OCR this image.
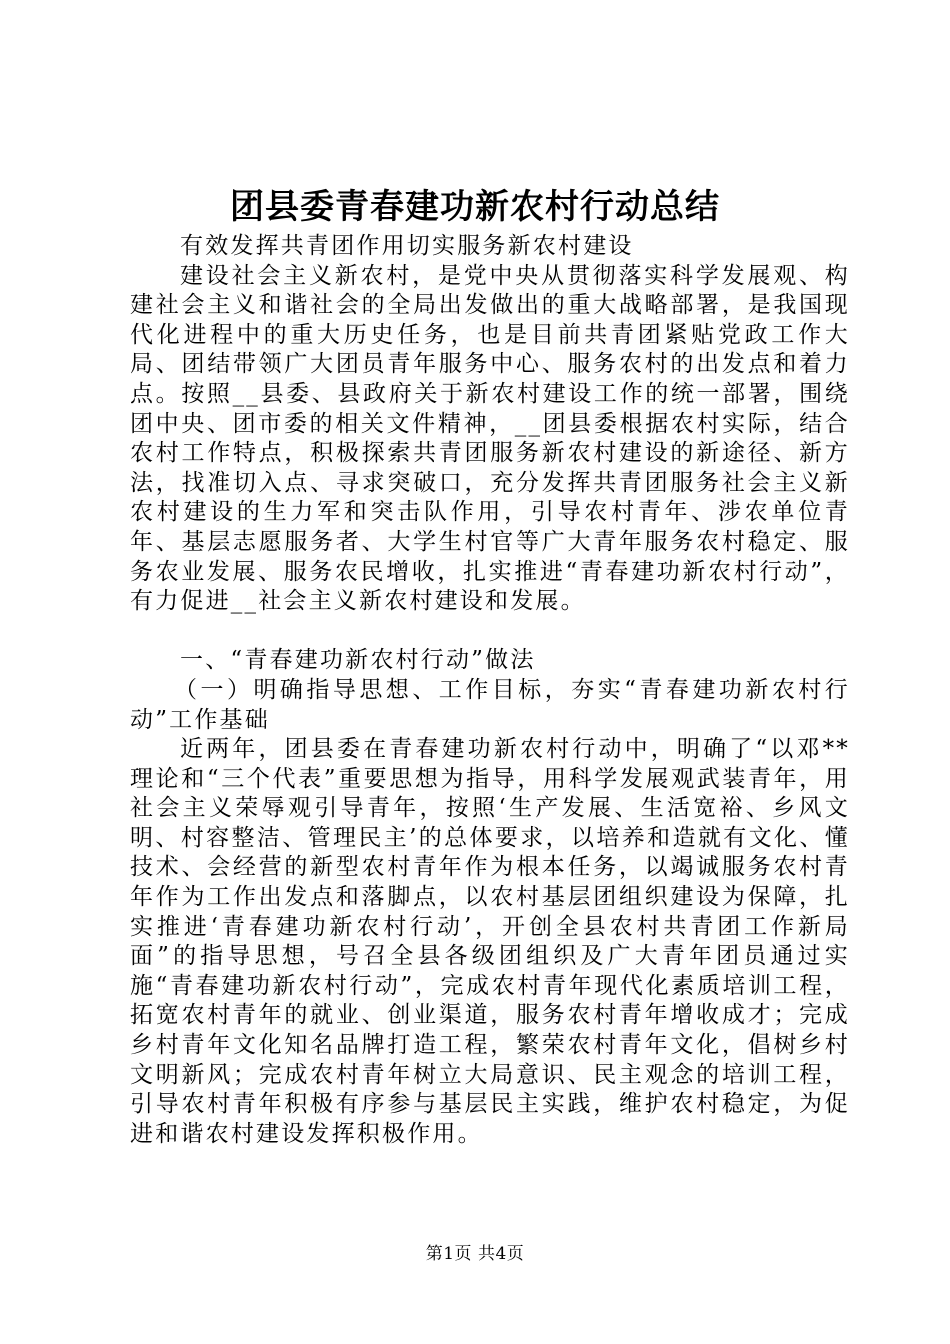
团县委青春建功新农村行动总结

有效发挥共青团作用切实服务新农村建设

建设社会主义新农村，是党中央从贯彻落实科学发展观、构建社会主义和谐社会的全局出发做出的重大战略部署，是我国现代化进程中的重大历史任务，也是目前共青团紧贴党政工作大局、团结带领广大团员青年服务中心、服务农村的出发点和着力点。按照__县委、县政府关于新农村建设工作的统一部署，围绕团中央、团市委的相关文件精神，__团县委根据农村实际，结合农村工作特点，积极探索共青团服务新农村建设的新途径、新方法，找准切入点、寻求突破口，充分发挥共青团服务社会主义新农村建设的生力军和突击队作用，引导农村青年、涉农单位青年、基层志愿服务者、大学生村官等广大青年服务农村稳定、服务农业发展、服务农民增收，扎实推进“青春建功新农村行动”，有力促进__社会主义新农村建设和发展。

一、“青春建功新农村行动”做法

（一）明确指导思想、工作目标，夯实“青春建功新农村行动”工作基础

近两年，团县委在青春建功新农村行动中，明确了“以邓**理论和“三个代表”重要思想为指导，用科学发展观武装青年，用社会主义荣辱观引导青年，按照‘生产发展、生活宽裕、乡风文明、村容整洁、管理民主’的总体要求，以培养和造就有文化、懂技术、会经营的新型农村青年作为根本任务，以竭诚服务农村青年作为工作出发点和落脚点，以农村基层团组织建设为保障，扎实推进‘青春建功新农村行动’，开创全县农村共青团工作新局面”的指导思想，号召全县各级团组织及广大青年团员通过实施“青春建功新农村行动”，完成农村青年现代化素质培训工程，拓宽农村青年的就业、创业渠道，服务农村青年增收成才；完成乡村青年文化知名品牌打造工程，繁荣农村青年文化，倡树乡村文明新风；完成农村青年树立大局意识、民主观念的培训工程，引导农村青年积极有序参与基层民主实践，维护农村稳定，为促进和谐农村建设发挥积极作用。

第1页 共4页
